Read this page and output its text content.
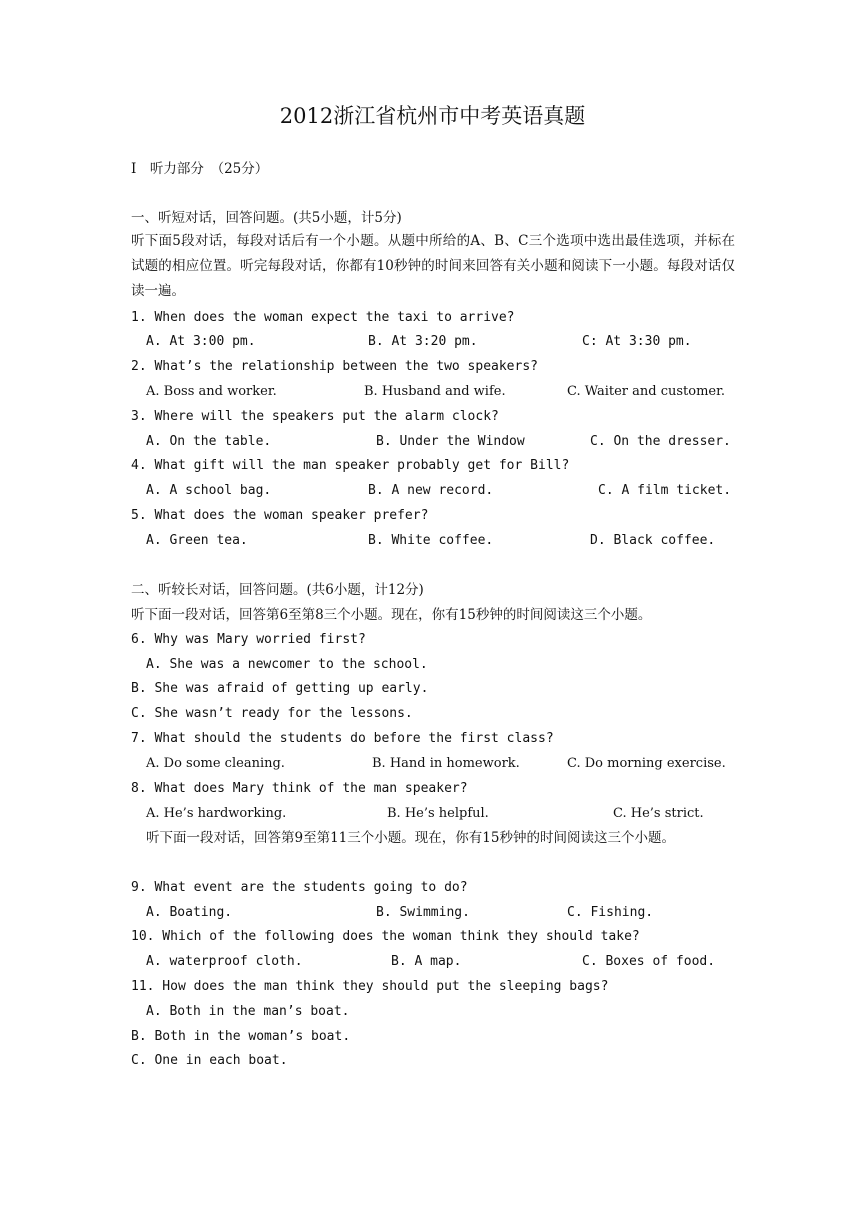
2012浙江省杭州市中考英语真题
Ⅰ　听力部分　（25分）
一、听短对话，回答问题。(共5小题，计5分)
听下面5段对话，每段对话后有一个小题。从题中所给的A、B、C三个选项中选出最佳选项，并标在试题的相应位置。听完每段对话，你都有10秒钟的时间来回答有关小题和阅读下一小题。每段对话仅读一遍。
1. When does the woman expect the taxi to arrive?
A. At 3:00 pm.	B. At 3:20 pm.	C: At 3:30 pm.
2. What’s the relationship between the two speakers?
A. Boss and worker.	B. Husband and wife.	C. Waiter and customer.
3. Where will the speakers put the alarm clock?
A. On the table.	B. Under the Window	C. On the dresser.
4. What gift will the man speaker probably get for Bill?
A. A school bag.	B. A new record.	C. A film ticket.
5. What does the woman speaker prefer?
A. Green tea.	B. White coffee.	D. Black coffee.
二、听较长对话，回答问题。(共6小题，计12分)
听下面一段对话，回答第6至第8三个小题。现在，你有15秒钟的时间阅读这三个小题。
6. Why was Mary worried first?
A. She was a newcomer to the school.
B. She was afraid of getting up early.
C. She wasn’t ready for the lessons.
7. What should the students do before the first class?
A. Do some cleaning.	B. Hand in homework.	C. Do morning exercise.
8. What does Mary think of the man speaker?
A. He’s hardworking.	B. He’s helpful.	C. He’s strict.
听下面一段对话，回答第9至第11三个小题。现在，你有15秒钟的时间阅读这三个小题。
9. What event are the students going to do?
A. Boating.	B. Swimming.	C. Fishing.
10. Which of the following does the woman think they should take?
A. waterproof cloth.	B. A map.	C. Boxes of food.
11. How does the man think they should put the sleeping bags?
A. Both in the man’s boat.
B. Both in the woman’s boat.
C. One in each boat.
